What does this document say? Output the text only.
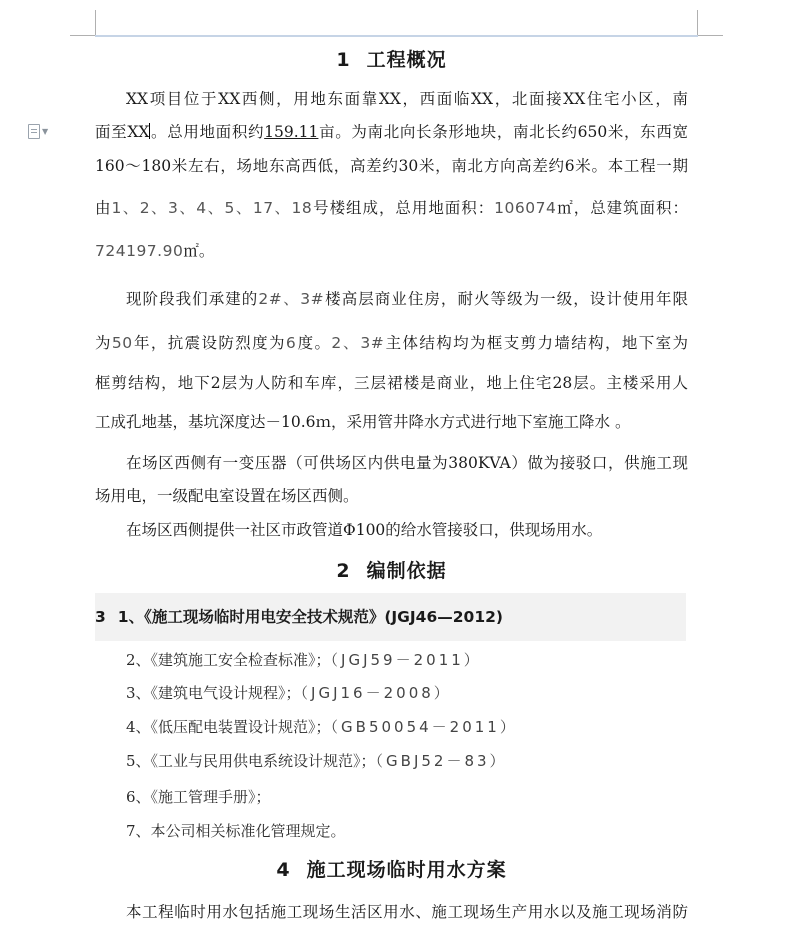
▼
1 工程概况
XX项目位于XX西侧，用地东面靠XX，西面临XX，北面接XX住宅小区，南
面至XX。总用地面积约159.11亩。为南北向长条形地块，南北长约650米，东西宽
160～180米左右，场地东高西低，高差约30米，南北方向高差约6米。本工程一期
由1、2、3、4、5、17、18号楼组成，总用地面积：106074㎡，总建筑面积：
724197.90㎡。
现阶段我们承建的2#、3#楼高层商业住房，耐火等级为一级，设计使用年限
为50年，抗震设防烈度为6度。2、3#主体结构均为框支剪力墙结构，地下室为
框剪结构，地下2层为人防和车库，三层裙楼是商业，地上住宅28层。主楼采用人
工成孔地基，基坑深度达－10.6ｍ，采用管井降水方式进行地下室施工降水 。
在场区西侧有一变压器（可供场区内供电量为380KVA）做为接驳口，供施工现
场用电，一级配电室设置在场区西侧。
在场区西侧提供一社区市政管道Φ100的给水管接驳口，供现场用水。
2 编制依据
3 1、《施工现场临时用电安全技术规范》(JGJ46—2012)
2、《建筑施工安全检查标准》；（JGJ59－2011）
3、《建筑电气设计规程》；（JGJ16－2008）
4、《低压配电装置设计规范》；（GB50054－2011）
5、《工业与民用供电系统设计规范》；（GBJ52－83）
6、《施工管理手册》；
7、本公司相关标准化管理规定。
4 施工现场临时用水方案
本工程临时用水包括施工现场生活区用水、施工现场生产用水以及施工现场消防
